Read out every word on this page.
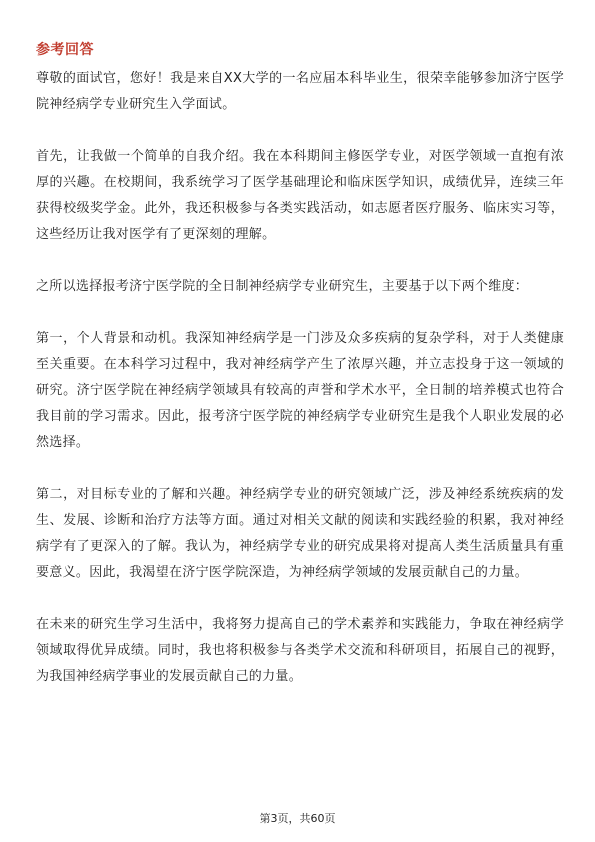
参考回答

尊敬的面试官，您好！我是来自XX大学的一名应届本科毕业生，很荣幸能够参加济宁医学院神经病学专业研究生入学面试。

首先，让我做一个简单的自我介绍。我在本科期间主修医学专业，对医学领域一直抱有浓厚的兴趣。在校期间，我系统学习了医学基础理论和临床医学知识，成绩优异，连续三年获得校级奖学金。此外，我还积极参与各类实践活动，如志愿者医疗服务、临床实习等，这些经历让我对医学有了更深刻的理解。

之所以选择报考济宁医学院的全日制神经病学专业研究生，主要基于以下两个维度：

第一，个人背景和动机。我深知神经病学是一门涉及众多疾病的复杂学科，对于人类健康至关重要。在本科学习过程中，我对神经病学产生了浓厚兴趣，并立志投身于这一领域的研究。济宁医学院在神经病学领域具有较高的声誉和学术水平，全日制的培养模式也符合我目前的学习需求。因此，报考济宁医学院的神经病学专业研究生是我个人职业发展的必然选择。

第二，对目标专业的了解和兴趣。神经病学专业的研究领域广泛，涉及神经系统疾病的发生、发展、诊断和治疗方法等方面。通过对相关文献的阅读和实践经验的积累，我对神经病学有了更深入的了解。我认为，神经病学专业的研究成果将对提高人类生活质量具有重要意义。因此，我渴望在济宁医学院深造，为神经病学领域的发展贡献自己的力量。

在未来的研究生学习生活中，我将努力提高自己的学术素养和实践能力，争取在神经病学领域取得优异成绩。同时，我也将积极参与各类学术交流和科研项目，拓展自己的视野，为我国神经病学事业的发展贡献自己的力量。

第3页，共60页
